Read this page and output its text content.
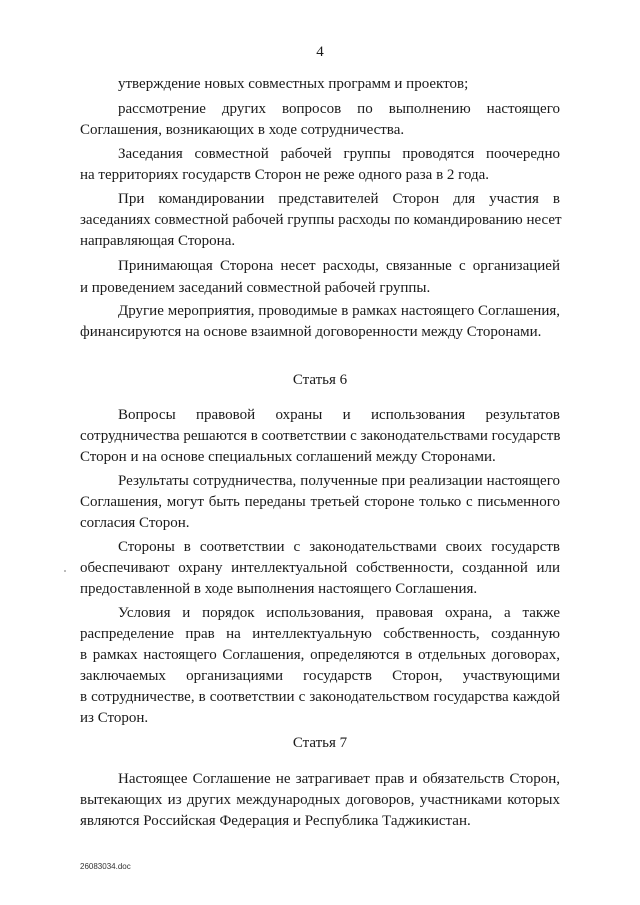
4
утверждение новых совместных программ и проектов;
рассмотрение других вопросов по выполнению настоящего
Соглашения, возникающих в ходе сотрудничества.
Заседания совместной рабочей группы проводятся поочередно
на территориях государств Сторон не реже одного раза в 2 года.
При командировании представителей Сторон для участия в
заседаниях совместной рабочей группы расходы по командированию несет
направляющая Сторона.
Принимающая Сторона несет расходы, связанные с организацией
и проведением заседаний совместной рабочей группы.
Другие мероприятия, проводимые в рамках настоящего Соглашения,
финансируются на основе взаимной договоренности между Сторонами.
Статья 6
Вопросы правовой охраны и использования результатов
сотрудничества решаются в соответствии с законодательствами государств
Сторон и на основе специальных соглашений между Сторонами.
Результаты сотрудничества, полученные при реализации настоящего
Соглашения, могут быть переданы третьей стороне только с письменного
согласия Сторон.
Стороны в соответствии с законодательствами своих государств
обеспечивают охрану интеллектуальной собственности, созданной или
предоставленной в ходе выполнения настоящего Соглашения.
Условия и порядок использования, правовая охрана, а также
распределение прав на интеллектуальную собственность, созданную
в рамках настоящего Соглашения, определяются в отдельных договорах,
заключаемых организациями государств Сторон, участвующими
в сотрудничестве, в соответствии с законодательством государства каждой
из Сторон.
Статья 7
Настоящее Соглашение не затрагивает прав и обязательств Сторон,
вытекающих из других международных договоров, участниками которых
являются Российская Федерация и Республика Таджикистан.
26083034.doc
